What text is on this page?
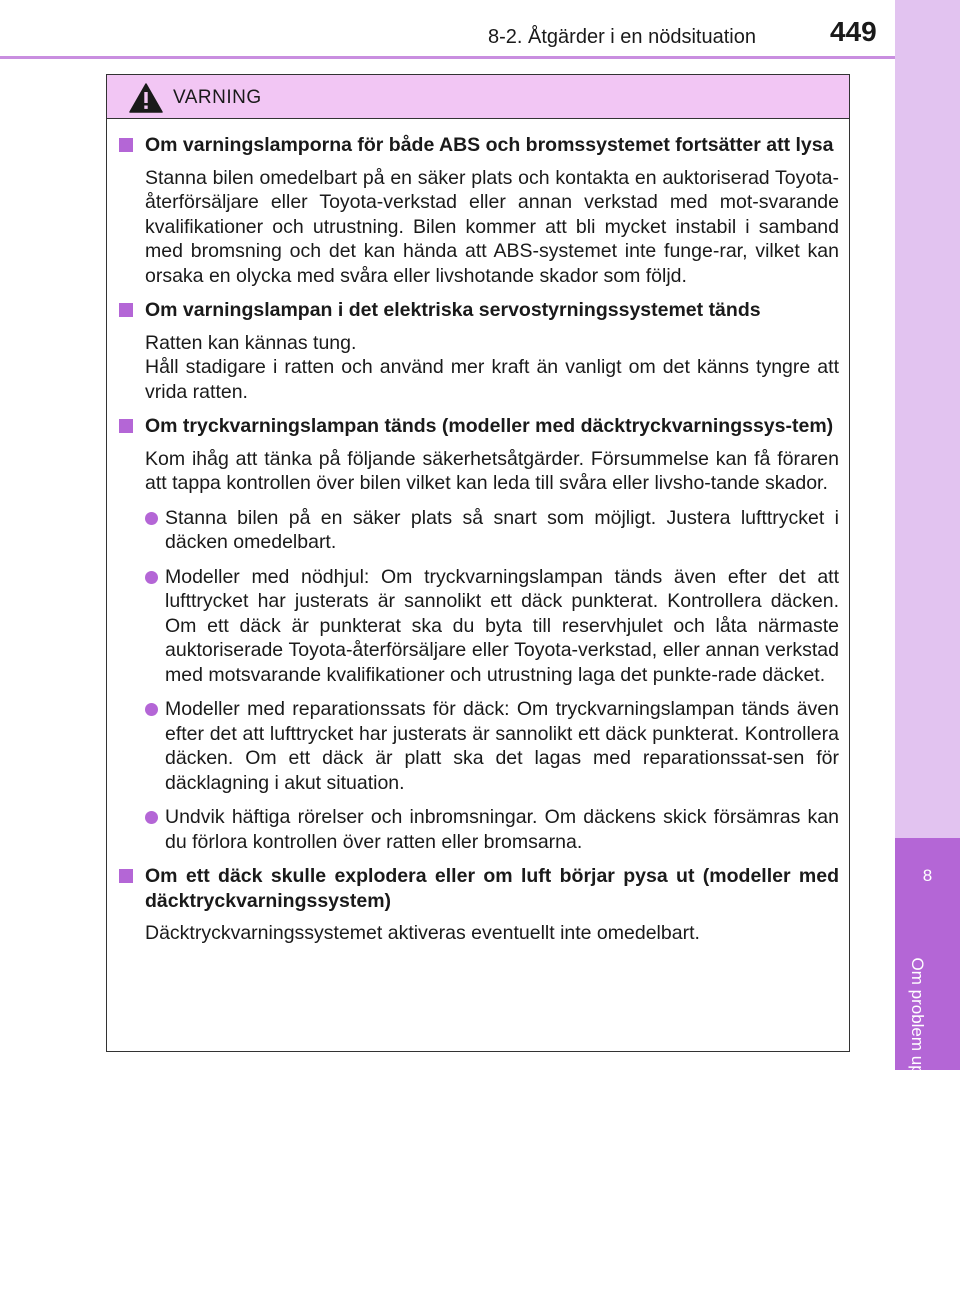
8-2. Åtgärder i en nödsituation	449
8
Om problem uppstår
VARNING
Om varningslamporna för både ABS och bromssystemet fortsätter att lysa
Stanna bilen omedelbart på en säker plats och kontakta en auktoriserad Toyota-återförsäljare eller Toyota-verkstad eller annan verkstad med mot-svarande kvalifikationer och utrustning. Bilen kommer att bli mycket instabil i samband med bromsning och det kan hända att ABS-systemet inte funge-rar, vilket kan orsaka en olycka med svåra eller livshotande skador som följd.
Om varningslampan i det elektriska servostyrningssystemet tänds
Ratten kan kännas tung.
Håll stadigare i ratten och använd mer kraft än vanligt om det känns tyngre att vrida ratten.
Om tryckvarningslampan tänds (modeller med däcktryckvarningssys-tem)
Kom ihåg att tänka på följande säkerhetsåtgärder. Försummelse kan få föraren att tappa kontrollen över bilen vilket kan leda till svåra eller livsho-tande skador.
Stanna bilen på en säker plats så snart som möjligt. Justera lufttrycket i däcken omedelbart.
Modeller med nödhjul: Om tryckvarningslampan tänds även efter det att lufttrycket har justerats är sannolikt ett däck punkterat. Kontrollera däcken. Om ett däck är punkterat ska du byta till reservhjulet och låta närmaste auktoriserade Toyota-återförsäljare eller Toyota-verkstad, eller annan verkstad med motsvarande kvalifikationer och utrustning laga det punkte-rade däcket.
Modeller med reparationssats för däck: Om tryckvarningslampan tänds även efter det att lufttrycket har justerats är sannolikt ett däck punkterat. Kontrollera däcken. Om ett däck är platt ska det lagas med reparationssat-sen för däcklagning i akut situation.
Undvik häftiga rörelser och inbromsningar. Om däckens skick försämras kan du förlora kontrollen över ratten eller bromsarna.
Om ett däck skulle explodera eller om luft börjar pysa ut (modeller med däcktryckvarningssystem)
Däcktryckvarningssystemet aktiveras eventuellt inte omedelbart.
